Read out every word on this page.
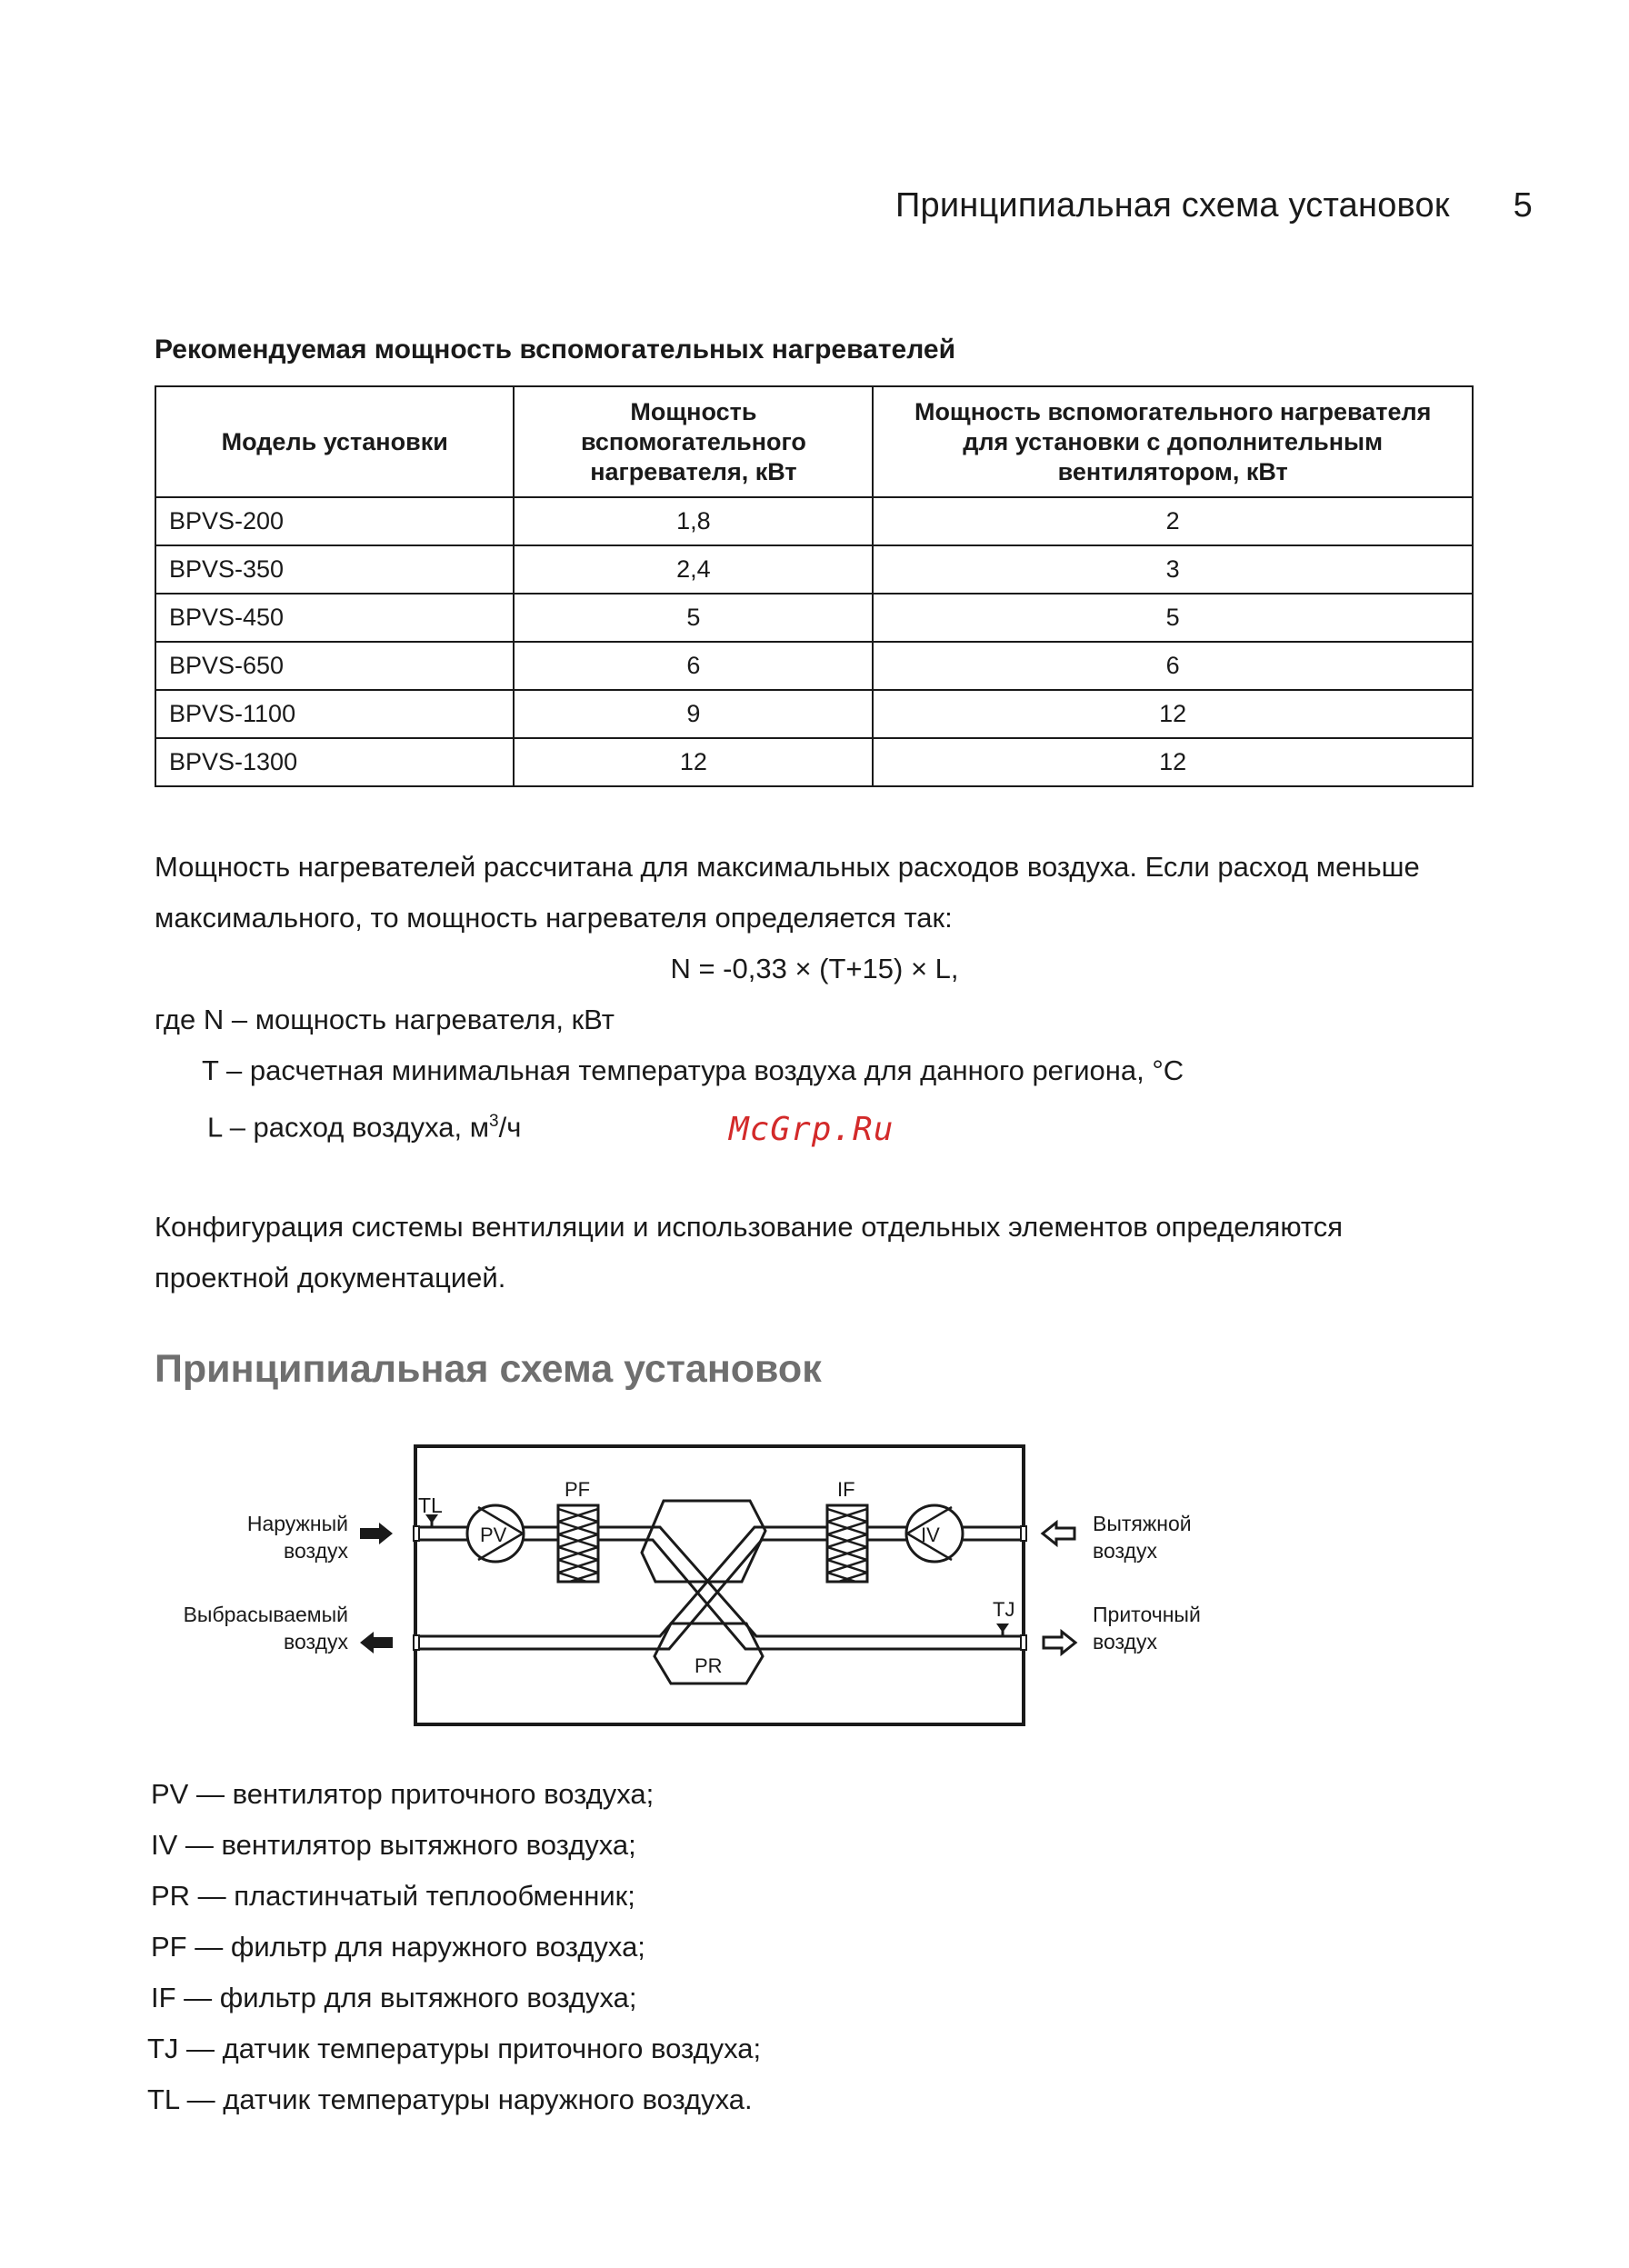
Принципиальная схема установок 5
Рекомендуемая мощность вспомогательных нагревателей
Модель установки	Мощность вспомогательного нагревателя, кВт	Мощность вспомогательного нагревателя для установки с дополнительным вентилятором, кВт
BPVS-200	1,8	2
BPVS-350	2,4	3
BPVS-450	5	5
BPVS-650	6	6
BPVS-1100	9	12
BPVS-1300	12	12
Мощность нагревателей рассчитана для максимальных расходов воздуха. Если расход меньше максимального, то мощность нагревателя определяется так:
N = -0,33 × (T+15) × L,
где N – мощность нагревателя, кВт
T – расчетная минимальная температура воздуха для данного региона, °C
L – расход воздуха, $м^3/ч$	McGrp.Ru
Конфигурация системы вентиляции и использование отдельных элементов определяются проектной документацией.
Принципиальная схема установок
TL
PV
PF	IF
IV
TJ
PR
Наружный
воздух
Выбрасываемый
воздух
Вытяжной
воздух
Приточный
воздух
PV — вентилятор приточного воздуха;
IV — вентилятор вытяжного воздуха;
PR — пластинчатый теплообменник;
PF — фильтр для наружного воздуха;
IF — фильтр для вытяжного воздуха;
TJ — датчик температуры приточного воздуха;
TL — датчик температуры наружного воздуха.
